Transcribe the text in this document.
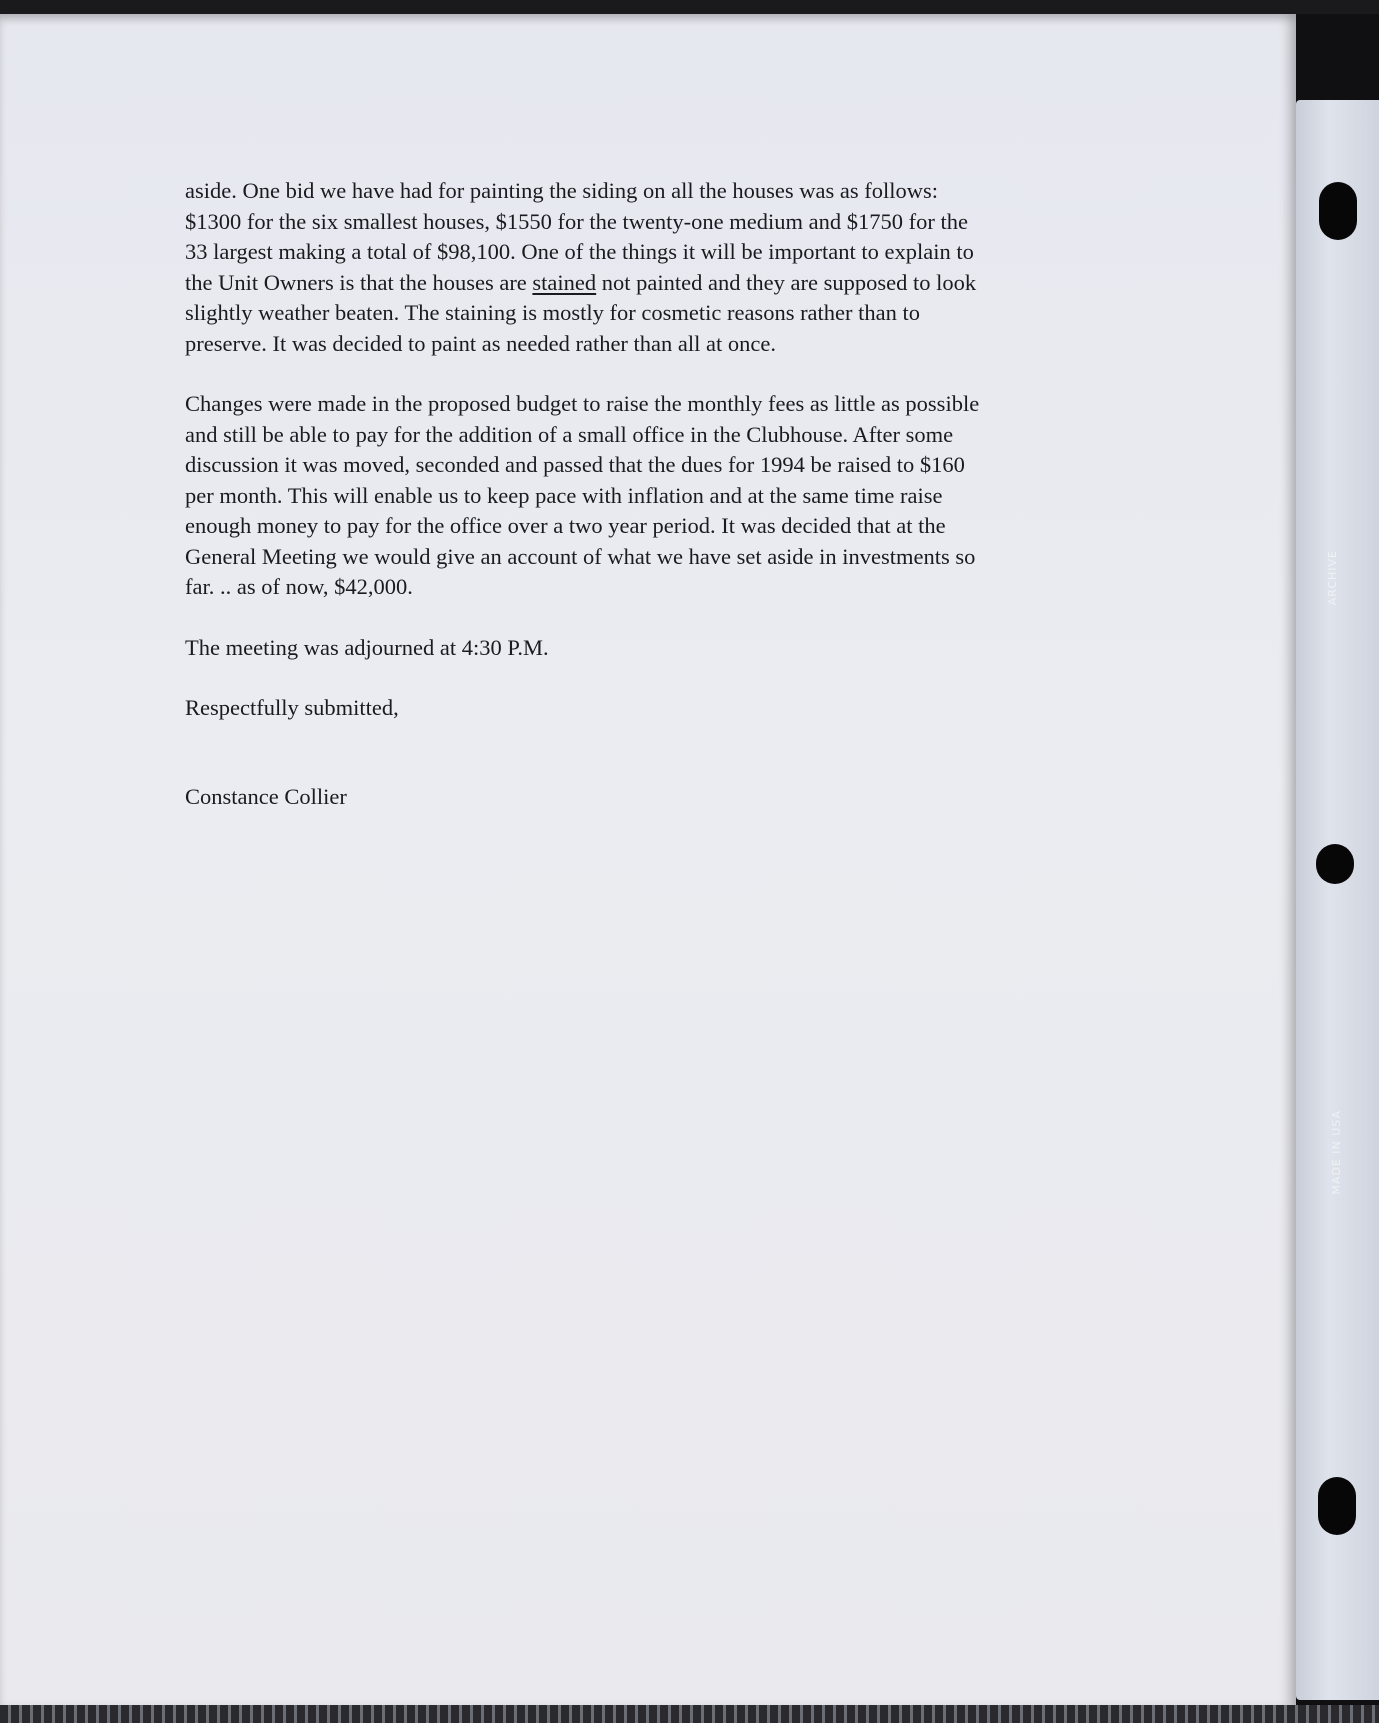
ARCHIVE
MADE IN USA
aside. One bid we have had for painting the siding on all the houses was as follows:
$1300 for the six smallest houses, $1550 for the twenty-one medium and $1750 for the
33 largest making a total of $98,100. One of the things it will be important to explain to
the Unit Owners is that the houses are stained not painted and they are supposed to look
slightly weather beaten. The staining is mostly for cosmetic reasons rather than to
preserve. It was decided to paint as needed rather than all at once.
Changes were made in the proposed budget to raise the monthly fees as little as possible
and still be able to pay for the addition of a small office in the Clubhouse. After some
discussion it was moved, seconded and passed that the dues for 1994 be raised to $160
per month. This will enable us to keep pace with inflation and at the same time raise
enough money to pay for the office over a two year period. It was decided that at the
General Meeting we would give an account of what we have set aside in investments so
far. .. as of now, $42,000.
The meeting was adjourned at 4:30 P.M.
Respectfully submitted,
Constance Collier
